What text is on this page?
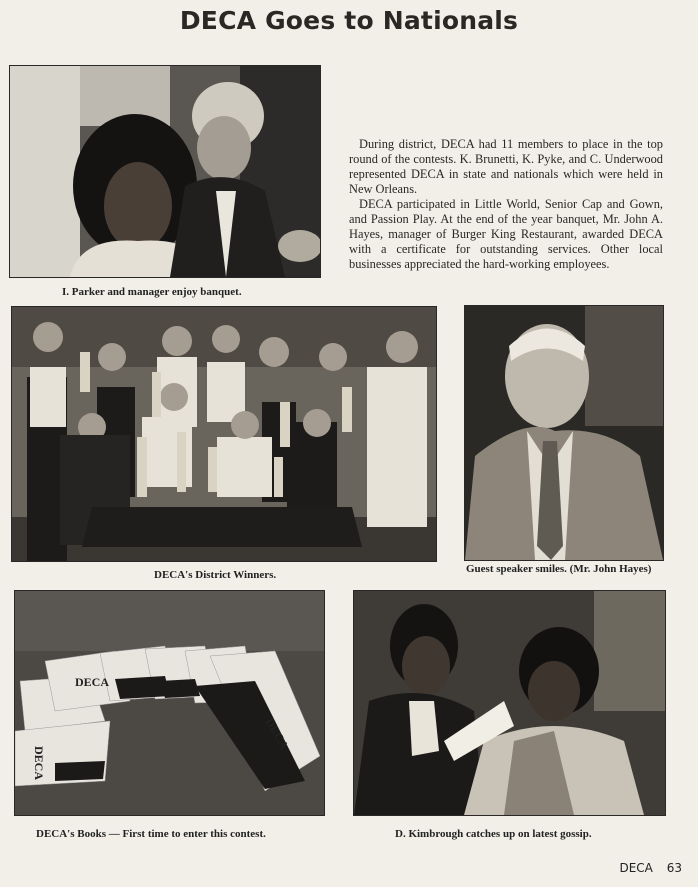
DECA Goes to Nationals
I. Parker and manager enjoy banquet.

During district, DECA had 11 members to place in the top round of the contests. K. Brunetti, K. Pyke, and C. Underwood represented DECA in state and nationals which were held in New Orleans.

DECA participated in Little World, Senior Cap and Gown, and Passion Play. At the end of the year banquet, Mr. John A. Hayes, manager of Burger King Restaurant, awarded DECA with a certificate for outstanding services. Other local businesses appreciated the hard-working employees.

DECA's District Winners.	Guest speaker smiles. (Mr. John Hayes)
DECA
DECA
DECA
DECA's Books — First time to enter this contest.	D. Kimbrough catches up on latest gossip.
DECA 63
